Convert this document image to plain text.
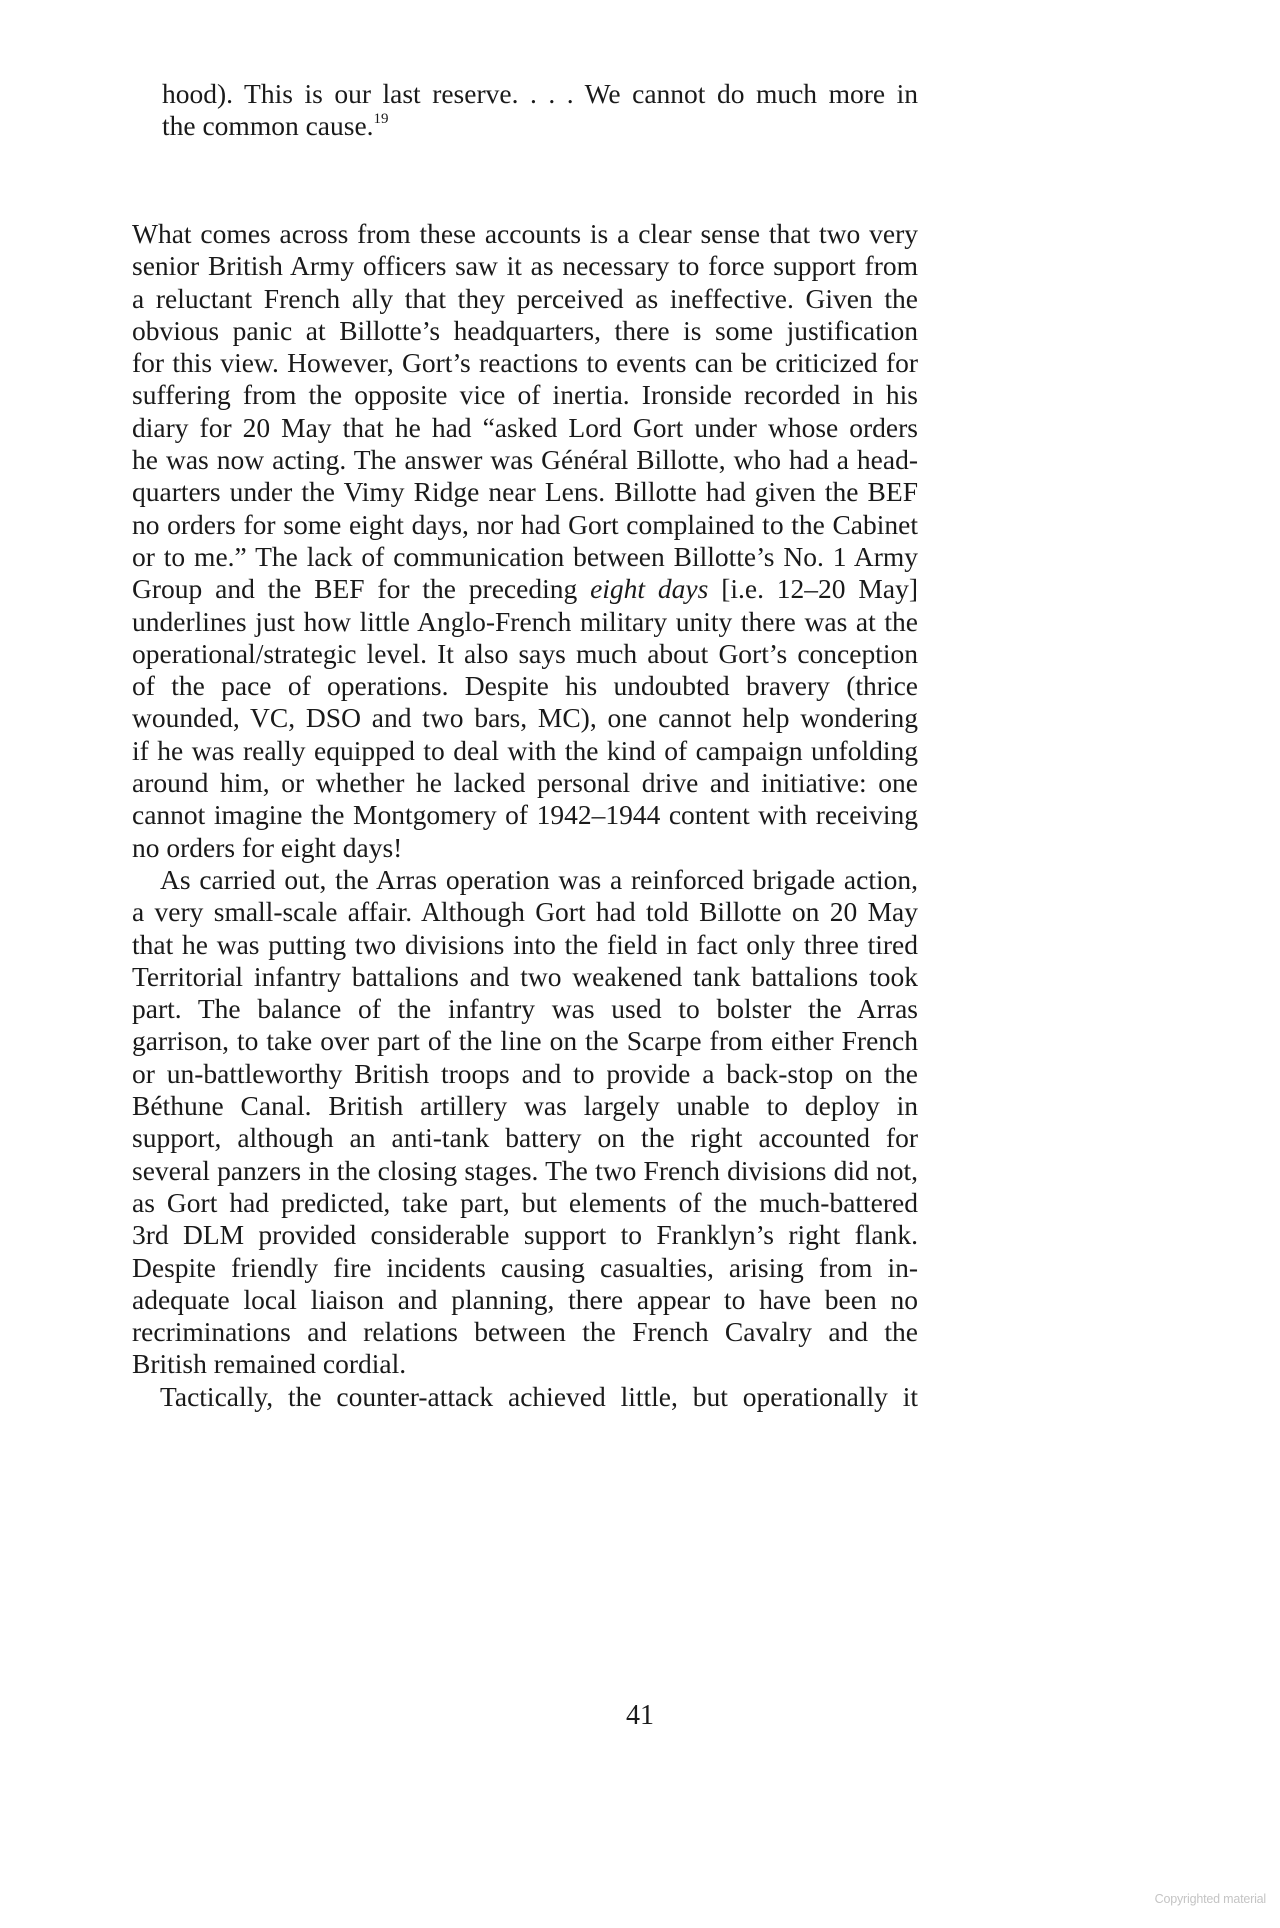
hood). This is our last reserve. . . . We cannot do much more in
the common cause.$^{19}$
What comes across from these accounts is a clear sense that two very
senior British Army officers saw it as necessary to force support from
a reluctant French ally that they perceived as ineffective. Given the
obvious panic at Billotte’s headquarters, there is some justification
for this view. However, Gort’s reactions to events can be criticized for
suffering from the opposite vice of inertia. Ironside recorded in his
diary for 20 May that he had “asked Lord Gort under whose orders
he was now acting. The answer was Général Billotte, who had a head-
quarters under the Vimy Ridge near Lens. Billotte had given the BEF
no orders for some eight days, nor had Gort complained to the Cabinet
or to me.” The lack of communication between Billotte’s No. 1 Army
Group and the BEF for the preceding eight days [i.e. 12–20 May]
underlines just how little Anglo-French military unity there was at the
operational/strategic level. It also says much about Gort’s conception
of the pace of operations. Despite his undoubted bravery (thrice
wounded, VC, DSO and two bars, MC), one cannot help wondering
if he was really equipped to deal with the kind of campaign unfolding
around him, or whether he lacked personal drive and initiative: one
cannot imagine the Montgomery of 1942–1944 content with receiving
no orders for eight days!
As carried out, the Arras operation was a reinforced brigade action,
a very small-scale affair. Although Gort had told Billotte on 20 May
that he was putting two divisions into the field in fact only three tired
Territorial infantry battalions and two weakened tank battalions took
part. The balance of the infantry was used to bolster the Arras
garrison, to take over part of the line on the Scarpe from either French
or un-battleworthy British troops and to provide a back-stop on the
Béthune Canal. British artillery was largely unable to deploy in
support, although an anti-tank battery on the right accounted for
several panzers in the closing stages. The two French divisions did not,
as Gort had predicted, take part, but elements of the much-battered
3rd DLM provided considerable support to Franklyn’s right flank.
Despite friendly fire incidents causing casualties, arising from in-
adequate local liaison and planning, there appear to have been no
recriminations and relations between the French Cavalry and the
British remained cordial.
Tactically, the counter-attack achieved little, but operationally it
41
Copyrighted material
